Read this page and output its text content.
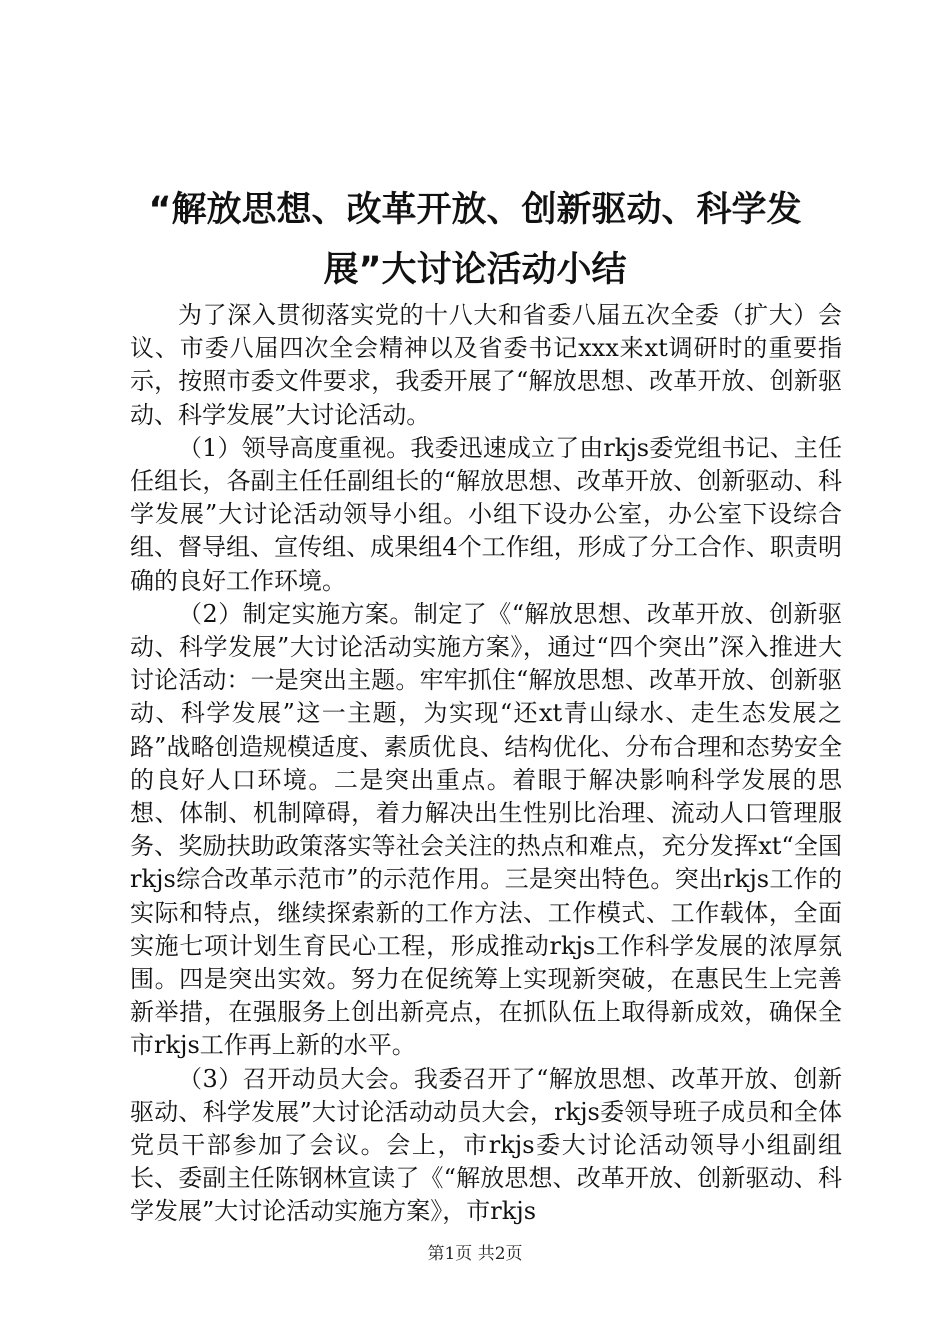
“解放思想、改革开放、创新驱动、科学发
展”大讨论活动小结

为了深入贯彻落实党的十八大和省委八届五次全委（扩大）会议、市委八届四次全会精神以及省委书记xxx来xt调研时的重要指示，按照市委文件要求，我委开展了“解放思想、改革开放、创新驱动、科学发展”大讨论活动。

（1）领导高度重视。我委迅速成立了由rkjs委党组书记、主任任组长，各副主任任副组长的“解放思想、改革开放、创新驱动、科学发展”大讨论活动领导小组。小组下设办公室，办公室下设综合组、督导组、宣传组、成果组4个工作组，形成了分工合作、职责明确的良好工作环境。

（2）制定实施方案。制定了《“解放思想、改革开放、创新驱动、科学发展”大讨论活动实施方案》，通过“四个突出”深入推进大讨论活动：一是突出主题。牢牢抓住“解放思想、改革开放、创新驱动、科学发展”这一主题，为实现“还xt青山绿水、走生态发展之路”战略创造规模适度、素质优良、结构优化、分布合理和态势安全的良好人口环境。二是突出重点。着眼于解决影响科学发展的思想、体制、机制障碍，着力解决出生性别比治理、流动人口管理服务、奖励扶助政策落实等社会关注的热点和难点，充分发挥xt“全国rkjs综合改革示范市”的示范作用。三是突出特色。突出rkjs工作的实际和特点，继续探索新的工作方法、工作模式、工作载体，全面实施七项计划生育民心工程，形成推动rkjs工作科学发展的浓厚氛围。四是突出实效。努力在促统筹上实现新突破，在惠民生上完善新举措，在强服务上创出新亮点，在抓队伍上取得新成效，确保全市rkjs工作再上新的水平。

（3）召开动员大会。我委召开了“解放思想、改革开放、创新驱动、科学发展”大讨论活动动员大会，rkjs委领导班子成员和全体党员干部参加了会议。会上，市rkjs委大讨论活动领导小组副组长、委副主任陈钢林宣读了《“解放思想、改革开放、创新驱动、科学发展”大讨论活动实施方案》，市rkjs

第1页 共2页
